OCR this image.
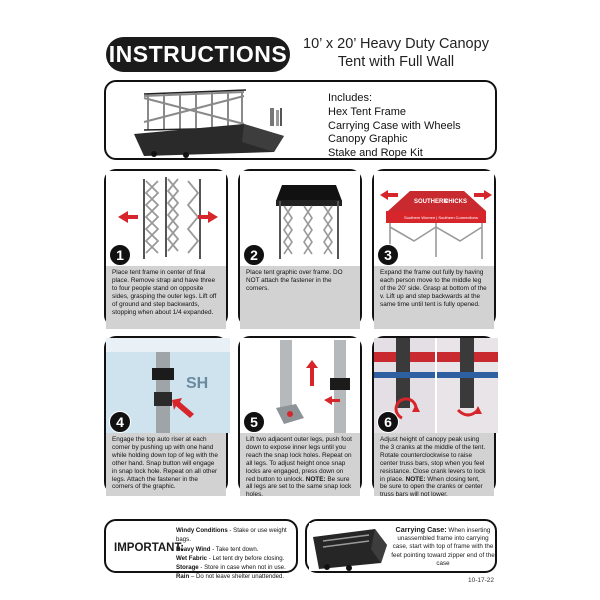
INSTRUCTIONS	10’ x 20’ Heavy Duty Canopy
Tent with Full Wall
Includes:
Hex Tent Frame
Carrying Case with Wheels
Canopy Graphic
Stake and Rope Kit
1
Place tent frame in center of final place. Remove strap and have three to four people stand on opposite sides, grasping the outer legs. Lift off of ground and step backwards, stopping when about 1/4 expanded.
2
Place tent graphic over frame. DO NOT attach the fastener in the corners.
SOUTHERN
CHICKS
Southern Women | Southern Connections
3
Expand the frame out fully by having each person move to the middle leg of the 20’ side. Grasp at bottom of the v. Lift up and step backwards at the same time until tent is fully opened.
SH
4
Engage the top auto riser at each corner by pushing up with one hand while holding down top of leg with the other hand. Snap button will engage in snap lock hole. Repeat on all other legs. Attach the fastener in the corners of the graphic.
5
Lift two adjacent outer legs, push foot down to expose inner legs until you reach the snap lock holes. Repeat on all legs. To adjust height once snap locks are engaged, press down on red button to unlock. NOTE: Be sure all legs are set to the same snap lock holes.
6
Adjust height of canopy peak using the 3 cranks at the middle of the tent. Rotate counterclockwise to raise center truss bars, stop when you feel resistance. Close crank levers to lock in place. NOTE: When closing tent, be sure to open the cranks or center truss bars will not lower.
IMPORTANT:
Windy Conditions - Stake or use weight bags.
Heavy Wind - Take tent down.
Wet Fabric - Let tent dry before closing.
Storage - Store in case when not in use.
Rain – Do not leave shelter unattended.
Carrying Case: When inserting unassembled frame into carrying case, start with top of frame with the feet pointing toward zipper end of the case
10-17-22
